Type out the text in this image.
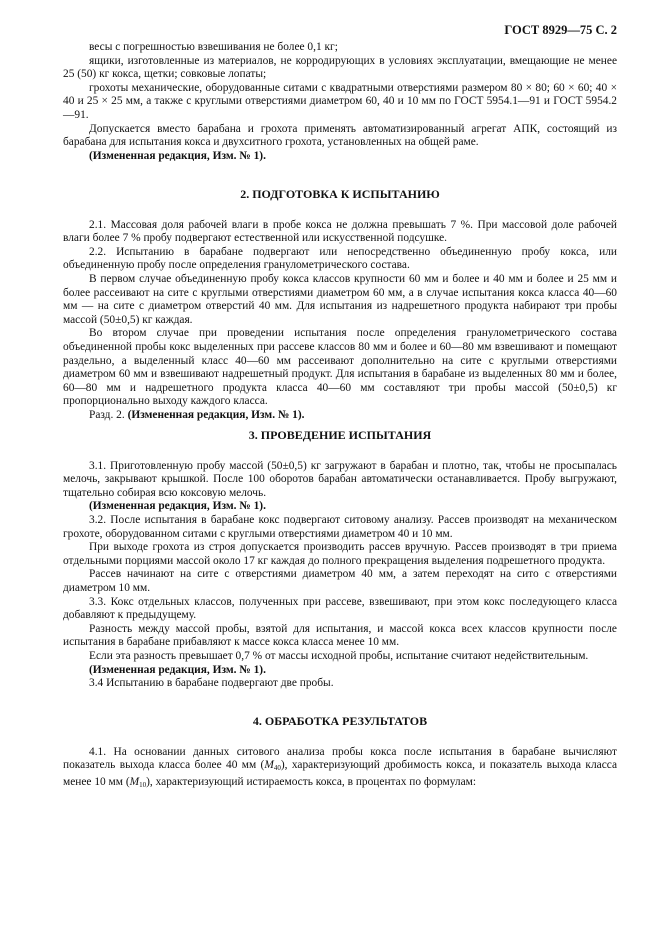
ГОСТ 8929—75 С. 2

весы с погрешностью взвешивания не более 0,1 кг;

ящики, изготовленные из материалов, не корродирующих в условиях эксплуатации, вмещающие не менее 25 (50) кг кокса, щетки; совковые лопаты;

грохоты механические, оборудованные ситами с квадратными отверстиями размером 80 × 80; 60 × 60; 40 × 40 и 25 × 25 мм, а также с круглыми отверстиями диаметром 60, 40 и 10 мм по ГОСТ 5954.1—91 и ГОСТ 5954.2—91.

Допускается вместо барабана и грохота применять автоматизированный агрегат АПК, состоящий из барабана для испытания кокса и двухситного грохота, установленных на общей раме.

(Измененная редакция, Изм. № 1).

2. ПОДГОТОВКА К ИСПЫТАНИЮ

2.1. Массовая доля рабочей влаги в пробе кокса не должна превышать 7 %. При массовой доле рабочей влаги более 7 % пробу подвергают естественной или искусственной подсушке.

2.2. Испытанию в барабане подвергают или непосредственно объединенную пробу кокса, или объединенную пробу после определения гранулометрического состава.

В первом случае объединенную пробу кокса классов крупности 60 мм и более и 40 мм и более и 25 мм и более рассеивают на сите с круглыми отверстиями диаметром 60 мм, а в случае испытания кокса класса 40—60 мм — на сите с диаметром отверстий 40 мм. Для испытания из надрешетного продукта набирают три пробы массой (50±0,5) кг каждая.

Во втором случае при проведении испытания после определения гранулометрического состава объединенной пробы кокс выделенных при рассеве классов 80 мм и более и 60—80 мм взвешивают и помещают раздельно, а выделенный класс 40—60 мм рассеивают дополнительно на сите с круглыми отверстиями диаметром 60 мм и взвешивают надрешетный продукт. Для испытания в барабане из выделенных 80 мм и более, 60—80 мм и надрешетного продукта класса 40—60 мм составляют три пробы массой (50±0,5) кг пропорционально выходу каждого класса.

Разд. 2. (Измененная редакция, Изм. № 1).

3. ПРОВЕДЕНИЕ ИСПЫТАНИЯ

3.1. Приготовленную пробу массой (50±0,5) кг загружают в барабан и плотно, так, чтобы не просыпалась мелочь, закрывают крышкой. После 100 оборотов барабан автоматически останавливается. Пробу выгружают, тщательно собирая всю коксовую мелочь.

(Измененная редакция, Изм. № 1).

3.2. После испытания в барабане кокс подвергают ситовому анализу. Рассев производят на механическом грохоте, оборудованном ситами с круглыми отверстиями диаметром 40 и 10 мм.

При выходе грохота из строя допускается производить рассев вручную. Рассев производят в три приема отдельными порциями массой около 17 кг каждая до полного прекращения выделения подрешетного продукта.

Рассев начинают на сите с отверстиями диаметром 40 мм, а затем переходят на сито с отверстиями диаметром 10 мм.

3.3. Кокс отдельных классов, полученных при рассеве, взвешивают, при этом кокс последующего класса добавляют к предыдущему.

Разность между массой пробы, взятой для испытания, и массой кокса всех классов крупности после испытания в барабане прибавляют к массе кокса класса менее 10 мм.

Если эта разность превышает 0,7 % от массы исходной пробы, испытание считают недействительным.

(Измененная редакция, Изм. № 1).

3.4 Испытанию в барабане подвергают две пробы.

4. ОБРАБОТКА РЕЗУЛЬТАТОВ

4.1. На основании данных ситового анализа пробы кокса после испытания в барабане вычисляют показатель выхода класса более 40 мм $(M_{40})$, характеризующий дробимость кокса, и показатель выхода класса менее 10 мм $(M_{10})$, характеризующий истираемость кокса, в процентах по формулам:
